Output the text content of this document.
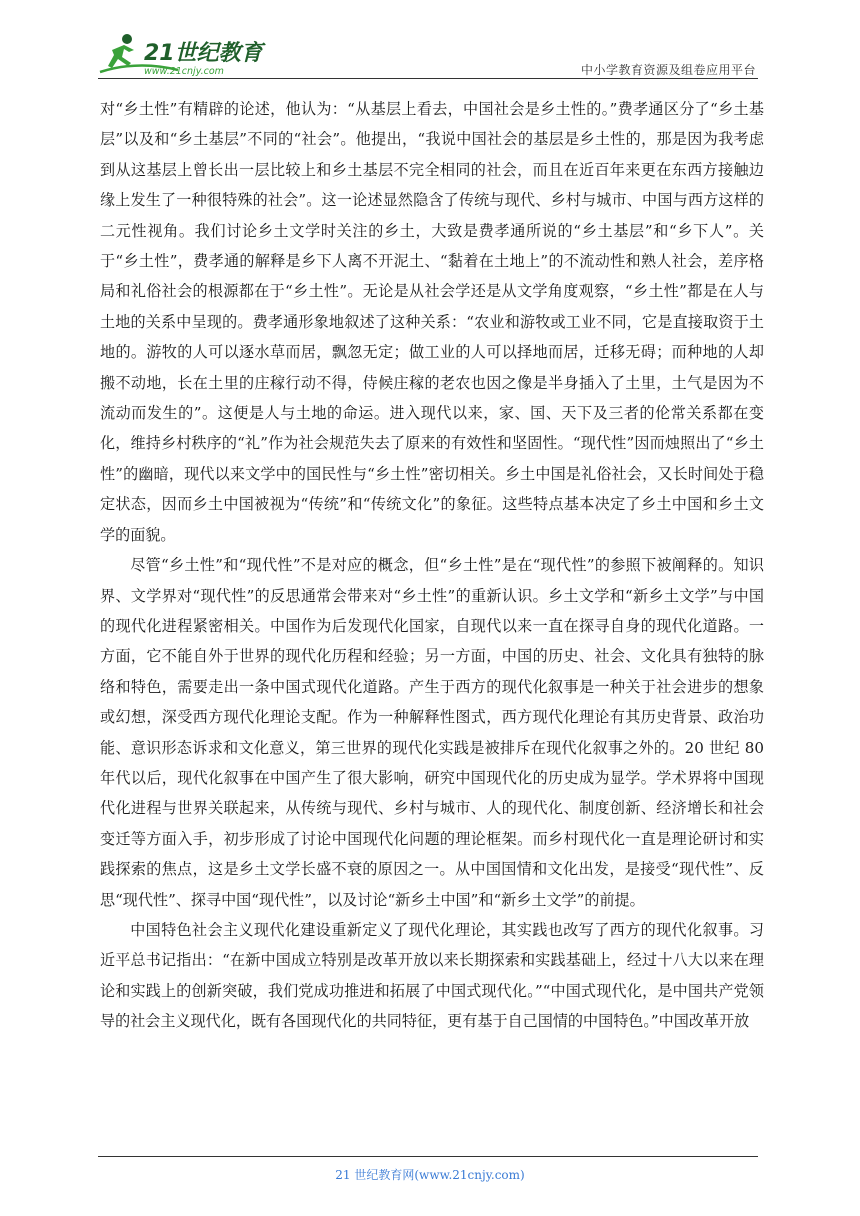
21世纪教育
www.21cnjy.com	中小学教育资源及组卷应用平台

对“乡土性”有精辟的论述，他认为：“从基层上看去，中国社会是乡土性的。”费孝通区分了“乡土基层”以及和“乡土基层”不同的“社会”。他提出，“我说中国社会的基层是乡土性的，那是因为我考虑到从这基层上曾长出一层比较上和乡土基层不完全相同的社会，而且在近百年来更在东西方接触边缘上发生了一种很特殊的社会”。这一论述显然隐含了传统与现代、乡村与城市、中国与西方这样的二元性视角。我们讨论乡土文学时关注的乡土，大致是费孝通所说的“乡土基层”和“乡下人”。关于“乡土性”，费孝通的解释是乡下人离不开泥土、“黏着在土地上”的不流动性和熟人社会，差序格局和礼俗社会的根源都在于“乡土性”。无论是从社会学还是从文学角度观察，“乡土性”都是在人与土地的关系中呈现的。费孝通形象地叙述了这种关系：“农业和游牧或工业不同，它是直接取资于土地的。游牧的人可以逐水草而居，飘忽无定；做工业的人可以择地而居，迁移无碍；而种地的人却搬不动地，长在土里的庄稼行动不得，侍候庄稼的老农也因之像是半身插入了土里，土气是因为不流动而发生的”。这便是人与土地的命运。进入现代以来，家、国、天下及三者的伦常关系都在变化，维持乡村秩序的“礼”作为社会规范失去了原来的有效性和坚固性。“现代性”因而烛照出了“乡土性”的幽暗，现代以来文学中的国民性与“乡土性”密切相关。乡土中国是礼俗社会，又长时间处于稳定状态，因而乡土中国被视为“传统”和“传统文化”的象征。这些特点基本决定了乡土中国和乡土文学的面貌。

尽管“乡土性”和“现代性”不是对应的概念，但“乡土性”是在“现代性”的参照下被阐释的。知识界、文学界对“现代性”的反思通常会带来对“乡土性”的重新认识。乡土文学和“新乡土文学”与中国的现代化进程紧密相关。中国作为后发现代化国家，自现代以来一直在探寻自身的现代化道路。一方面，它不能自外于世界的现代化历程和经验；另一方面，中国的历史、社会、文化具有独特的脉络和特色，需要走出一条中国式现代化道路。产生于西方的现代化叙事是一种关于社会进步的想象或幻想，深受西方现代化理论支配。作为一种解释性图式，西方现代化理论有其历史背景、政治功能、意识形态诉求和文化意义，第三世界的现代化实践是被排斥在现代化叙事之外的。20 世纪 80 年代以后，现代化叙事在中国产生了很大影响，研究中国现代化的历史成为显学。学术界将中国现代化进程与世界关联起来，从传统与现代、乡村与城市、人的现代化、制度创新、经济增长和社会变迁等方面入手，初步形成了讨论中国现代化问题的理论框架。而乡村现代化一直是理论研讨和实践探索的焦点，这是乡土文学长盛不衰的原因之一。从中国国情和文化出发，是接受“现代性”、反思“现代性”、探寻中国“现代性”，以及讨论“新乡土中国”和“新乡土文学”的前提。

中国特色社会主义现代化建设重新定义了现代化理论，其实践也改写了西方的现代化叙事。习近平总书记指出：“在新中国成立特别是改革开放以来长期探索和实践基础上，经过十八大以来在理论和实践上的创新突破，我们党成功推进和拓展了中国式现代化。”“中国式现代化，是中国共产党领导的社会主义现代化，既有各国现代化的共同特征，更有基于自己国情的中国特色。”中国改革开放

21 世纪教育网(www.21cnjy.com)
